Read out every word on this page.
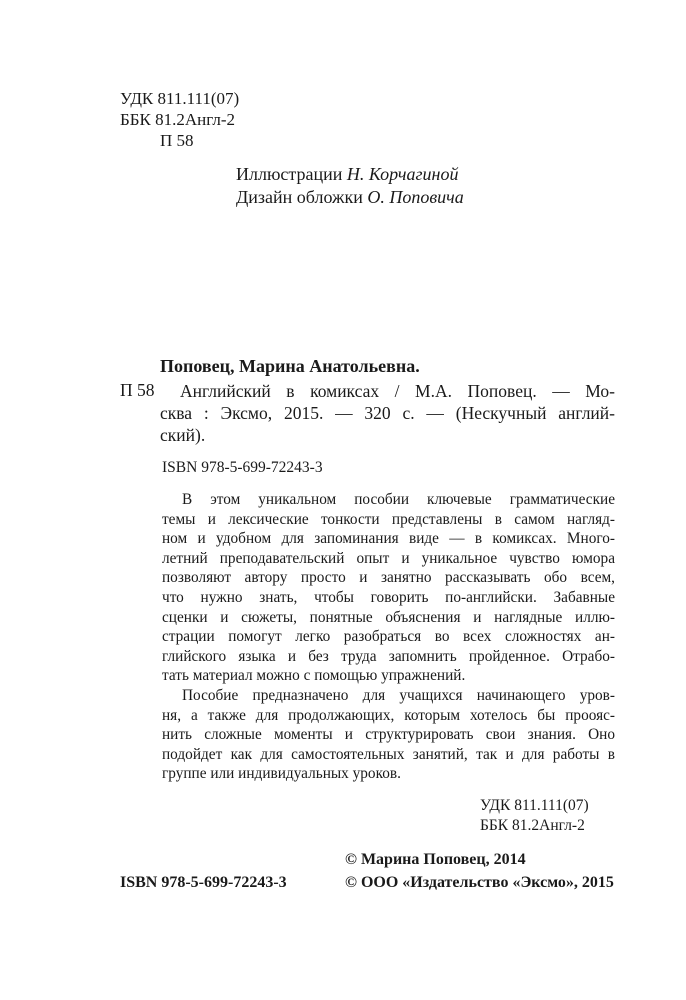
УДК 811.111(07)
ББК 81.2Англ-2
П 58
Иллюстрации Н. Корчагиной
Дизайн обложки О. Поповича
Поповец, Марина Анатольевна.
П 58	Английский в комиксах / М.А. Поповец. — Мо-
сква : Эксмо, 2015. — 320 с. — (Нескучный англий-
ский).
ISBN 978-5-699-72243-3

В этом уникальном пособии ключевые грамматические

темы и лексические тонкости представлены в самом нагляд-
ном и удобном для запоминания виде — в комиксах. Много-
летний преподавательский опыт и уникальное чувство юмора
позволяют автору просто и занятно рассказывать обо всем,
что нужно знать, чтобы говорить по-английски. Забавные
сценки и сюжеты, понятные объяснения и наглядные иллю-
страции помогут легко разобраться во всех сложностях ан-
глийского языка и без труда запомнить пройденное. Отрабо-
тать материал можно с помощью упражнений.

Пособие предназначено для учащихся начинающего уров-

ня, а также для продолжающих, которым хотелось бы проояс-
нить сложные моменты и структурировать свои знания. Оно
подойдет как для самостоятельных занятий, так и для работы в
группе или индивидуальных уроков.
УДК 811.111(07)
ББК 81.2Англ-2
© Марина Поповец, 2014
ISBN 978-5-699-72243-3	© ООО «Издательство «Эксмо», 2015
